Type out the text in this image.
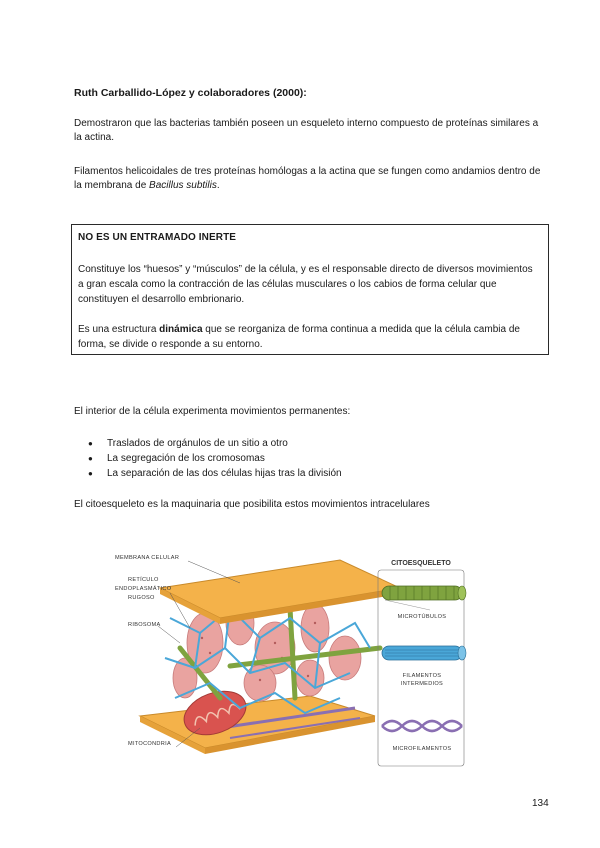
Ruth Carballido-López y colaboradores (2000):
Demostraron que las bacterias también poseen un esqueleto interno compuesto de proteínas similares a la actina.
Filamentos helicoidales de tres proteínas homólogas a la actina que se fungen como andamios dentro de la membrana de Bacillus subtilis.
NO ES UN ENTRAMADO INERTE
Constituye los “huesos” y “músculos” de la célula, y es el responsable directo de diversos movimientos a gran escala como la contracción de las células musculares o los cabios de forma celular que constituyen el desarrollo embrionario.
Es una estructura dinámica que se reorganiza de forma continua a medida que la célula cambia de forma, se divide o responde a su entorno.
El interior de la célula experimenta movimientos permanentes:
● Traslados de orgánulos de un sitio a otro
● La segregación de los cromosomas
● La separación de las dos células hijas tras la división
El citoesqueleto es la maquinaria que posibilita estos movimientos intracelulares
MEMBRANA CELULAR
RETÍCULO
ENDOPLASMÁTICO
RUGOSO
RIBOSOMA
MITOCONDRIA
CITOESQUELETO
MICROTÚBULOS
FILAMENTOS
INTERMEDIOS
MICROFILAMENTOS
134
